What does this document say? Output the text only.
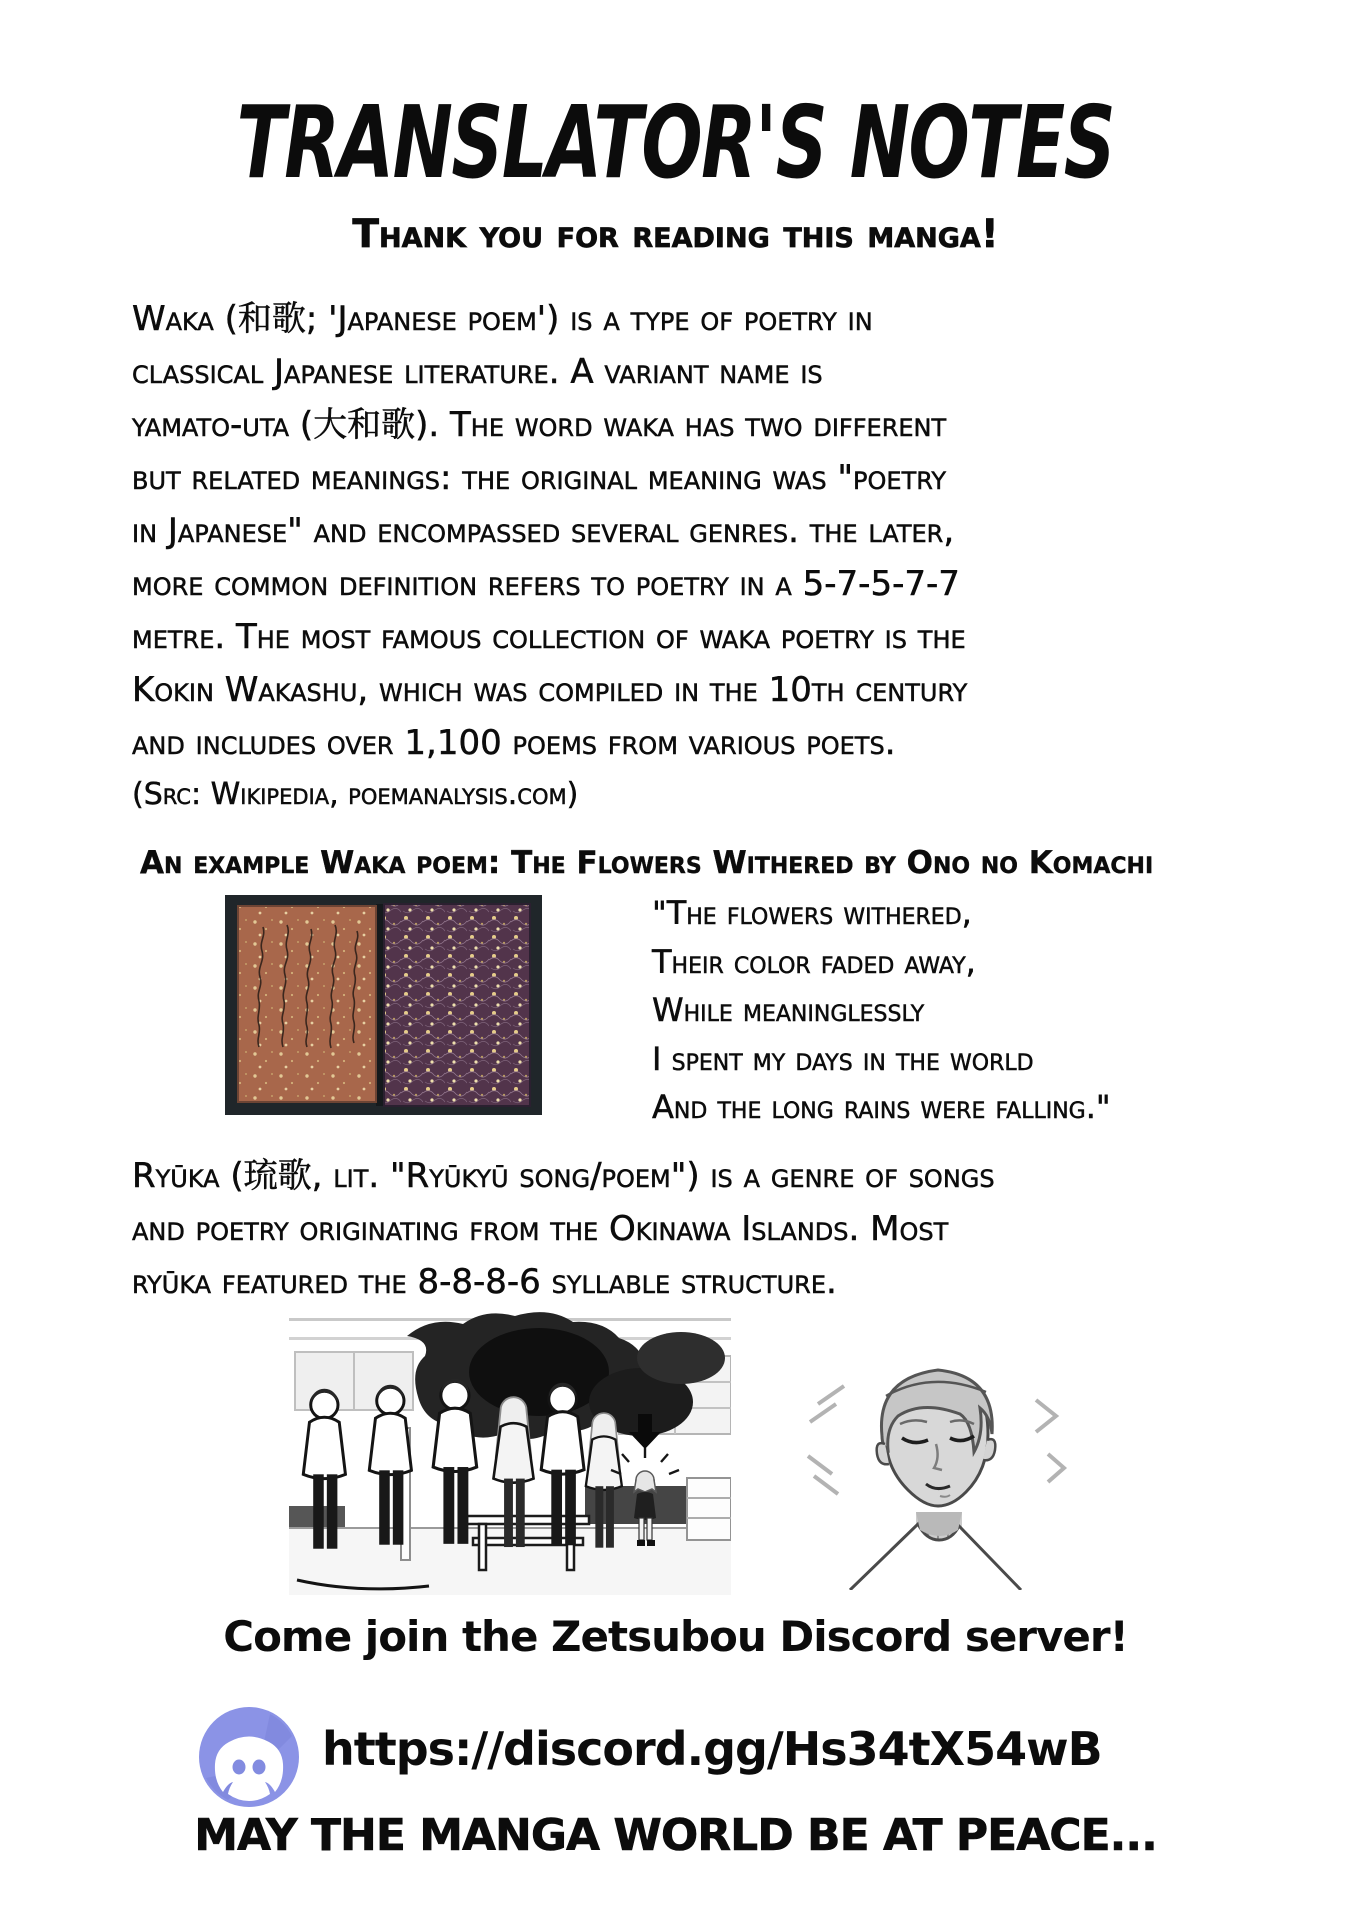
TRANSLATOR'S NOTES
Thank you for reading this manga!
Waka (和歌; 'Japanese poem') is a type of poetry in
classical Japanese literature. A variant name is
yamato-uta (大和歌). The word waka has two different
but related meanings: the original meaning was "poetry
in Japanese" and encompassed several genres. the later,
more common definition refers to poetry in a 5-7-5-7-7
metre. The most famous collection of waka poetry is the
Kokin Wakashu, which was compiled in the 10th century
and includes over 1,100 poems from various poets.
(Src: Wikipedia, poemanalysis.com)
An example Waka poem: The Flowers Withered by Ono no Komachi
"The flowers withered,
Their color faded away,
While meaninglessly
I spent my days in the world
And the long rains were falling."
Ryūka (琉歌, lit. "Ryūkyū song/poem") is a genre of songs
and poetry originating from the Okinawa Islands. Most
ryūka featured the 8-8-8-6 syllable structure.
Come join the Zetsubou Discord server!
https://discord.gg/Hs34tX54wB
MAY THE MANGA WORLD BE AT PEACE...
